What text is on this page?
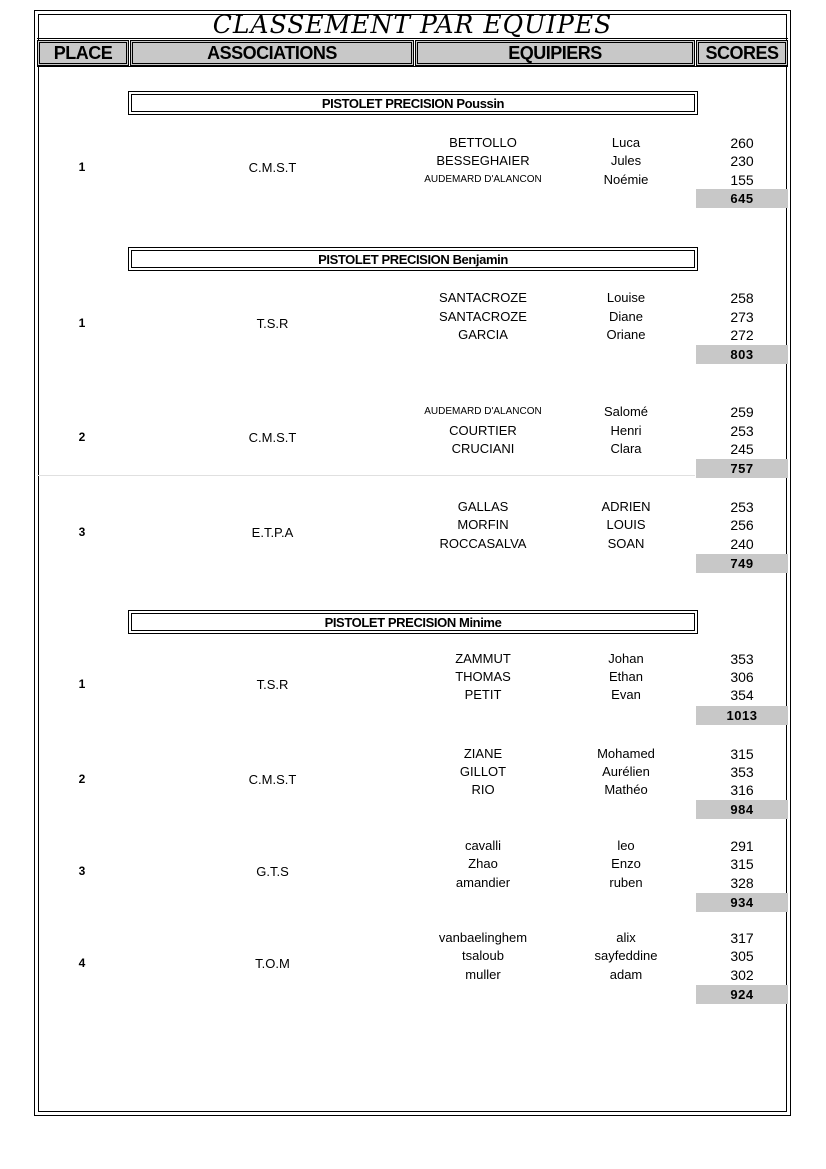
CLASSEMENT PAR EQUIPES
PLACE	ASSOCIATIONS	EQUIPIERS	SCORES
PISTOLET PRECISION Poussin
1	C.M.S.T
BETTOLLO	Luca	260
BESSEGHAIER	Jules	230
AUDEMARD D'ALANCON	Noémie	155
645
PISTOLET PRECISION Benjamin
1	T.S.R
SANTACROZE	Louise	258
SANTACROZE	Diane	273
GARCIA	Oriane	272
803
2	C.M.S.T
AUDEMARD D'ALANCON	Salomé	259
COURTIER	Henri	253
CRUCIANI	Clara	245
757
3	E.T.P.A
GALLAS	ADRIEN	253
MORFIN	LOUIS	256
ROCCASALVA	SOAN	240
749
PISTOLET PRECISION Minime
1	T.S.R
ZAMMUT	Johan	353
THOMAS	Ethan	306
PETIT	Evan	354
1013
2	C.M.S.T
ZIANE	Mohamed	315
GILLOT	Aurélien	353
RIO	Mathéo	316
984
3	G.T.S
cavalli	leo	291
Zhao	Enzo	315
amandier	ruben	328
934
4	T.O.M
vanbaelinghem	alix	317
tsaloub	sayfeddine	305
muller	adam	302
924
